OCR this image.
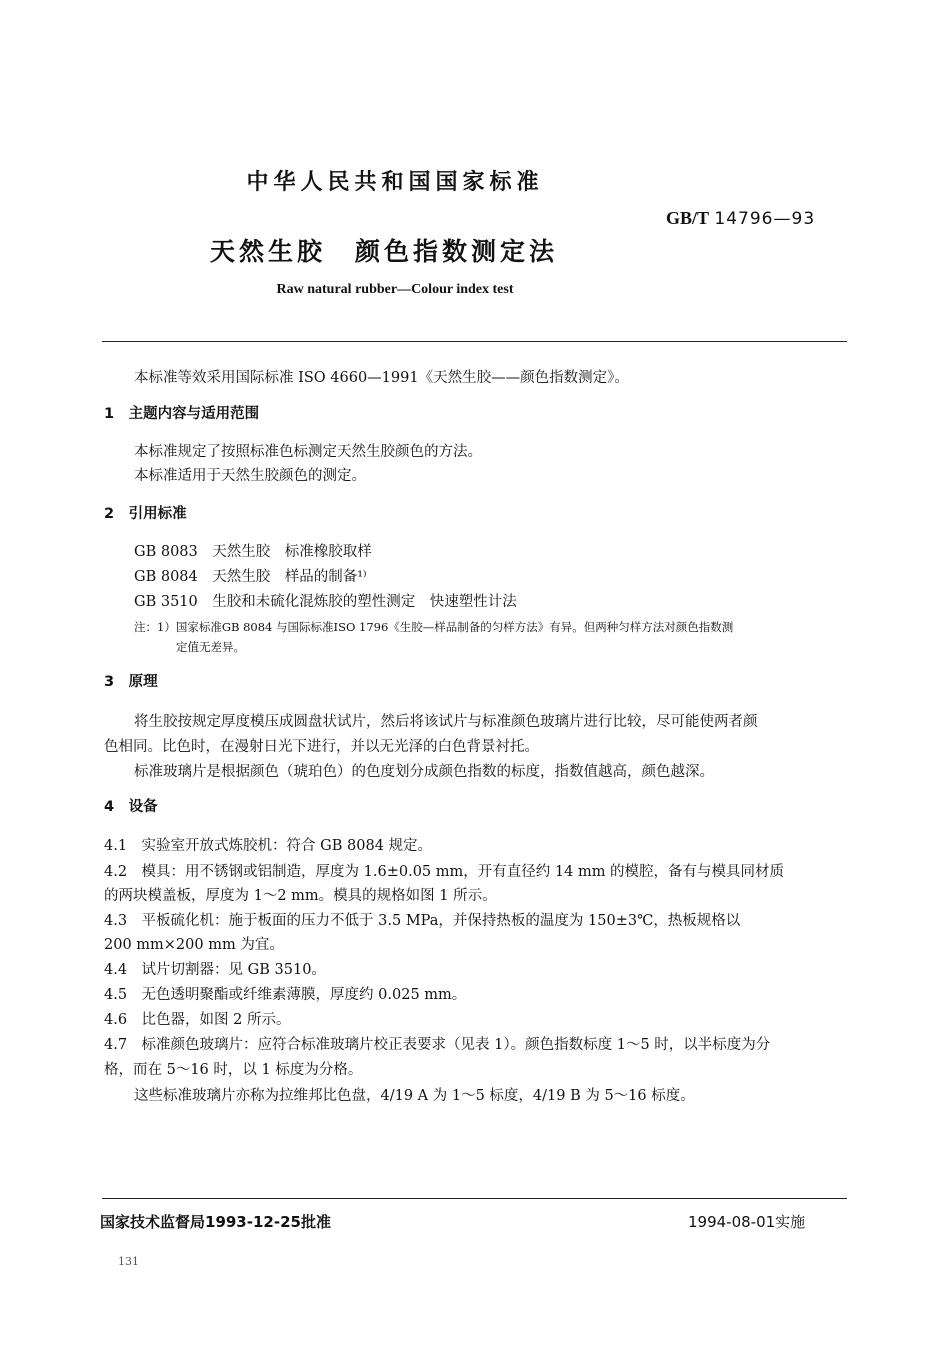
中华人民共和国国家标准
GB/T 14796—93
天然生胶　颜色指数测定法
Raw natural rubber—Colour index test
本标准等效采用国际标准 ISO 4660—1991《天然生胶——颜色指数测定》。
1　主题内容与适用范围
本标准规定了按照标准色标测定天然生胶颜色的方法。
本标准适用于天然生胶颜色的测定。
2　引用标准
GB 8083　天然生胶　标准橡胶取样
GB 8084　天然生胶　样品的制备¹⁾
GB 3510　生胶和未硫化混炼胶的塑性测定　快速塑性计法
注：1）国家标准GB 8084 与国际标准ISO 1796《生胶—样品制备的匀样方法》有异。但两种匀样方法对颜色指数测
定值无差异。
3　原理
将生胶按规定厚度模压成圆盘状试片，然后将该试片与标准颜色玻璃片进行比较，尽可能使两者颜
色相同。比色时，在漫射日光下进行，并以无光泽的白色背景衬托。
标准玻璃片是根据颜色（琥珀色）的色度划分成颜色指数的标度，指数值越高，颜色越深。
4　设备
4.1　实验室开放式炼胶机：符合 GB 8084 规定。
4.2　模具：用不锈钢或铝制造，厚度为 1.6±0.05 mm，开有直径约 14 mm 的模腔，备有与模具同材质
的两块模盖板，厚度为 1～2 mm。模具的规格如图 1 所示。
4.3　平板硫化机：施于板面的压力不低于 3.5 MPa，并保持热板的温度为 150±3℃，热板规格以
200 mm×200 mm 为宜。
4.4　试片切割器：见 GB 3510。
4.5　无色透明聚酯或纤维素薄膜，厚度约 0.025 mm。
4.6　比色器，如图 2 所示。
4.7　标准颜色玻璃片：应符合标准玻璃片校正表要求（见表 1）。颜色指数标度 1～5 时，以半标度为分
格，而在 5～16 时，以 1 标度为分格。
这些标准玻璃片亦称为拉维邦比色盘，4/19 A 为 1～5 标度，4/19 B 为 5～16 标度。
国家技术监督局1993-12-25批准	1994-08-01实施
131
